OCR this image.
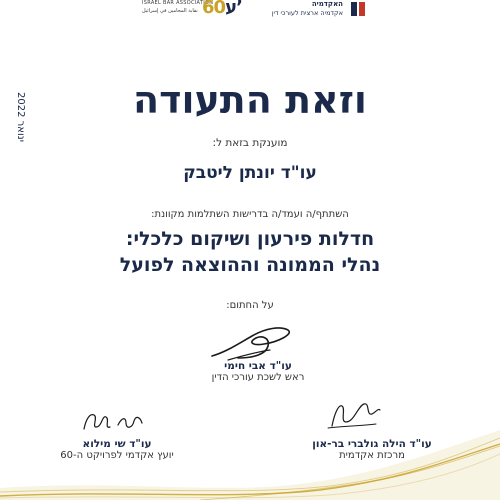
ISRAEL BAR ASSOCIATION
نقابة المحامين في إسرائيل	ע60 ’	האקדמיה
אקדמיה ארצית לעורכי דין
ינואר 2022
וזאת התעודה

מוענקת בזאת ל:

עו"ד יונתן ליטבק

השתתף/ה ועמד/ה בדרישות השתלמות מקוונת:

חדלות פירעון ושיקום כלכלי:

נהלי הממונה וההוצאה לפועל

על החתום:

עו"ד אבי חימי
ראש לשכת עורכי הדין
עו"ד שי מילוא
יועץ אקדמי לפרויקט ה-60
עו"ד הילה גולברי בר-און
מרכזת אקדמית
